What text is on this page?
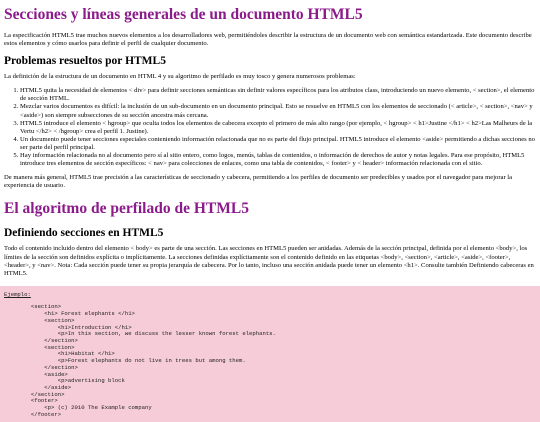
Secciones y líneas generales de un documento HTML5

La especificación HTML5 trae muchos nuevos elementos a los desarrolladores web, permitiéndoles describir la estructura de un documento web con semántica estandarizada. Este documento describe estos elementos y cómo usarlos para definir el perfil de cualquier documento.

Problemas resueltos por HTML5

La definición de la estructura de un documento en HTML 4 y su algoritmo de perfilado es muy tosco y genera numerosos problemas:

1. HTML5 quita la necesidad de elementos < div> para definir secciones semánticas sin definir valores específicos para los atributos class, introduciendo un nuevo elemento, < section>, el elemento de sección HTML.
2. Mezclar varios documentos es difícil: la inclusión de un sub-documento en un documento principal. Esto se resuelve en HTML5 con los elementos de seccionado (< article>, < section>, <nav> y <aside>) son siempre subsecciones de su sección ancestra más cercana.
3. HTML5 introduce el elemento < hgroup> que oculta todos los elementos de cabecera excepto el primero de más alto rango (por ejemplo, < hgroup> < h1>Justine </h1> < h2>Las Malheurs de la Vertu </h2> < /hgroup> crea el perfil 1. Justine).
4. Un documento puede tener secciones especiales conteniendo información relacionada que no es parte del flujo principal. HTML5 introduce el elemento <aside> permitiendo a dichas secciones no ser parte del perfil principal.
5. Hay información relacionada no al documento pero sí al sitio entero, como logos, menús, tablas de contenidos, o información de derechos de autor y notas legales. Para ese propósito, HTML5 introduce tres elementos de sección específicos: < nav> para colecciones de enlaces, como una tabla de contenidos, < footer> y < header> información relacionada con el sitio.

De manera más general, HTML5 trae precisión a las características de seccionado y cabecera, permitiendo a los perfiles de documento ser predecibles y usados por el navegador para mejorar la experiencia de usuario.

El algoritmo de perfilado de HTML5
Definiendo secciones en HTML5

Todo el contenido incluido dentro del elemento < body> es parte de una sección. Las secciones en HTML5 pueden ser anidadas. Además de la sección principal, definida por el elemento <body>, los límites de la sección son definidos explícita o implícitamente. La secciones definidas explícitamente son el contenido definido en las etiquetas <body>, <section>, <article>, <aside>, <footer>, <header>, y <nav>. Nota: Cada sección puede tener su propia jerarquía de cabecera. Por lo tanto, incluso una sección anidada puede tener un elemento <h1>. Consulte también Definiendo cabeceras en HTML5.

Ejemplo:
<section>
<h1> Forest elephants </h1>
<section>
<h1>Introduction </h1>
<p>In this section, we discuss the lesser known forest elephants.
</section>
<section>
<h1>Habitat </h1>
<p>Forest elephants do not live in trees but among them.
</section>
<aside>
<p>advertising block
</aside>
</section>
<footer>
<p> (c) 2010 The Example company
</footer>
